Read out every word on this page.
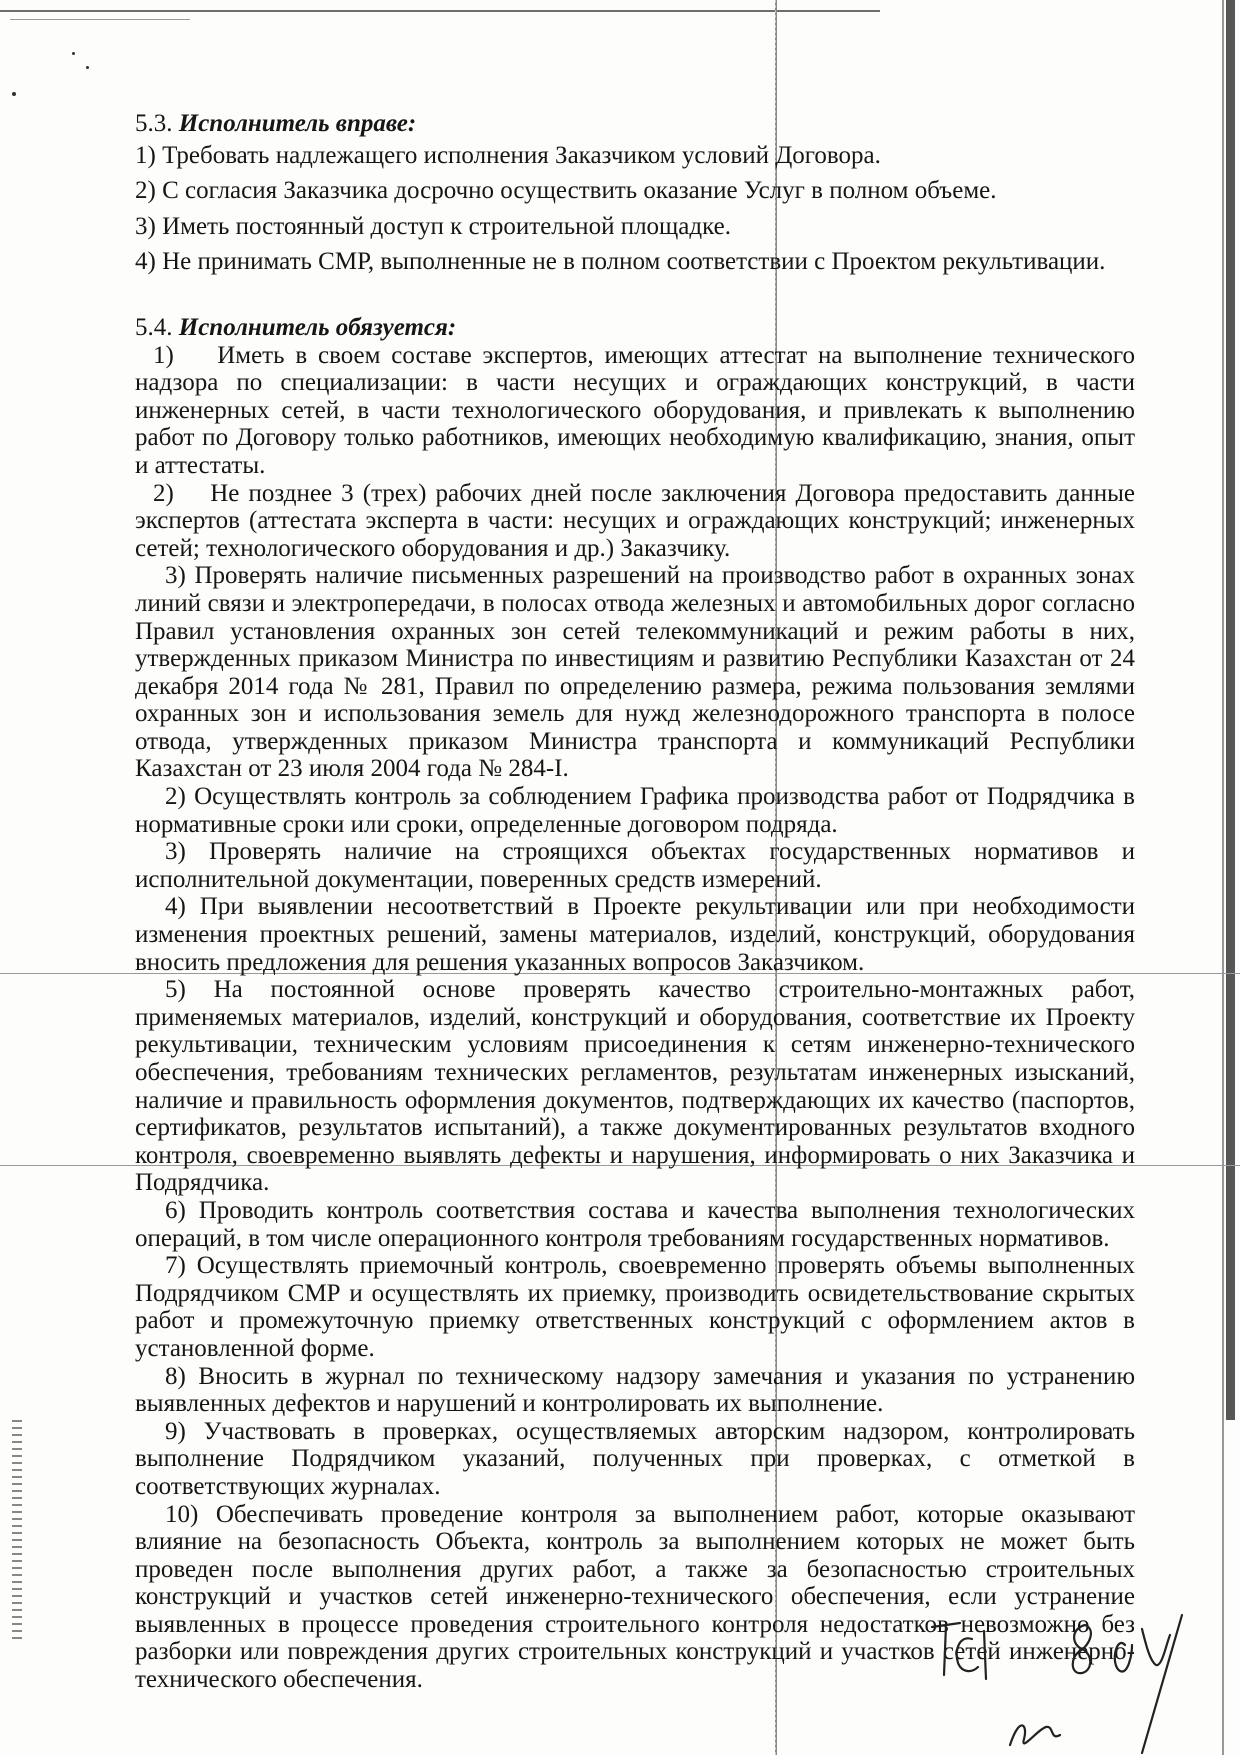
5.3. Исполнитель вправе:

1) Требовать надлежащего исполнения Заказчиком условий Договора.

2) С согласия Заказчика досрочно осуществить оказание Услуг в полном объеме.

3) Иметь постоянный доступ к строительной площадке.

4) Не принимать СМР, выполненные не в полном соответствии с Проектом рекультивации.

5.4. Исполнитель обязуется:

1)    Иметь в своем составе экспертов, имеющих аттестат на выполнение технического надзора по специализации: в части несущих и ограждающих конструкций, в части инженерных сетей, в части технологического оборудования, и привлекать к выполнению работ по Договору только работников, имеющих необходимую квалификацию, знания, опыт и аттестаты.

2)    Не позднее 3 (трех) рабочих дней после заключения Договора предоставить данные экспертов (аттестата эксперта в части: несущих и ограждающих конструкций; инженерных сетей; технологического оборудования и др.) Заказчику.

3) Проверять наличие письменных разрешений на производство работ в охранных зонах линий связи и электропередачи, в полосах отвода железных и автомобильных дорог согласно Правил установления охранных зон сетей телекоммуникаций и режим работы в них, утвержденных приказом Министра по инвестициям и развитию Республики Казахстан от 24 декабря 2014 года № 281, Правил по определению размера, режима пользования землями охранных зон и использования земель для нужд железнодорожного транспорта в полосе отвода, утвержденных приказом Министра транспорта и коммуникаций Республики Казахстан от 23 июля 2004 года № 284-I.

2) Осуществлять контроль за соблюдением Графика производства работ от Подрядчика в нормативные сроки или сроки, определенные договором подряда.

3) Проверять наличие на строящихся объектах государственных нормативов и исполнительной документации, поверенных средств измерений.

4) При выявлении несоответствий в Проекте рекультивации или при необходимости изменения проектных решений, замены материалов, изделий, конструкций, оборудования вносить предложения для решения указанных вопросов Заказчиком.

5) На постоянной основе проверять качество строительно-монтажных работ, применяемых материалов, изделий, конструкций и оборудования, соответствие их Проекту рекультивации, техническим условиям присоединения к сетям инженерно-технического обеспечения, требованиям технических регламентов, результатам инженерных изысканий, наличие и правильность оформления документов, подтверждающих их качество (паспортов, сертификатов, результатов испытаний), а также документированных результатов входного контроля, своевременно выявлять дефекты и нарушения, информировать о них Заказчика и Подрядчика.

6) Проводить контроль соответствия состава и качества выполнения технологических операций, в том числе операционного контроля требованиям государственных нормативов.

7) Осуществлять приемочный контроль, своевременно проверять объемы выполненных Подрядчиком СМР и осуществлять их приемку, производить освидетельствование скрытых работ и промежуточную приемку ответственных конструкций с оформлением актов в установленной форме.

8) Вносить в журнал по техническому надзору замечания и указания по устранению выявленных дефектов и нарушений и контролировать их выполнение.

9) Участвовать в проверках, осуществляемых авторским надзором, контролировать выполнение Подрядчиком указаний, полученных при проверках, с отметкой в соответствующих журналах.

10) Обеспечивать проведение контроля за выполнением работ, которые оказывают влияние на безопасность Объекта, контроль за выполнением которых не может быть проведен после выполнения других работ, а также за безопасностью строительных конструкций и участков сетей инженерно-технического обеспечения, если устранение выявленных в процессе проведения строительного контроля недостатков невозможно без разборки или повреждения других строительных конструкций и участков сетей инженерно-технического обеспечения.
